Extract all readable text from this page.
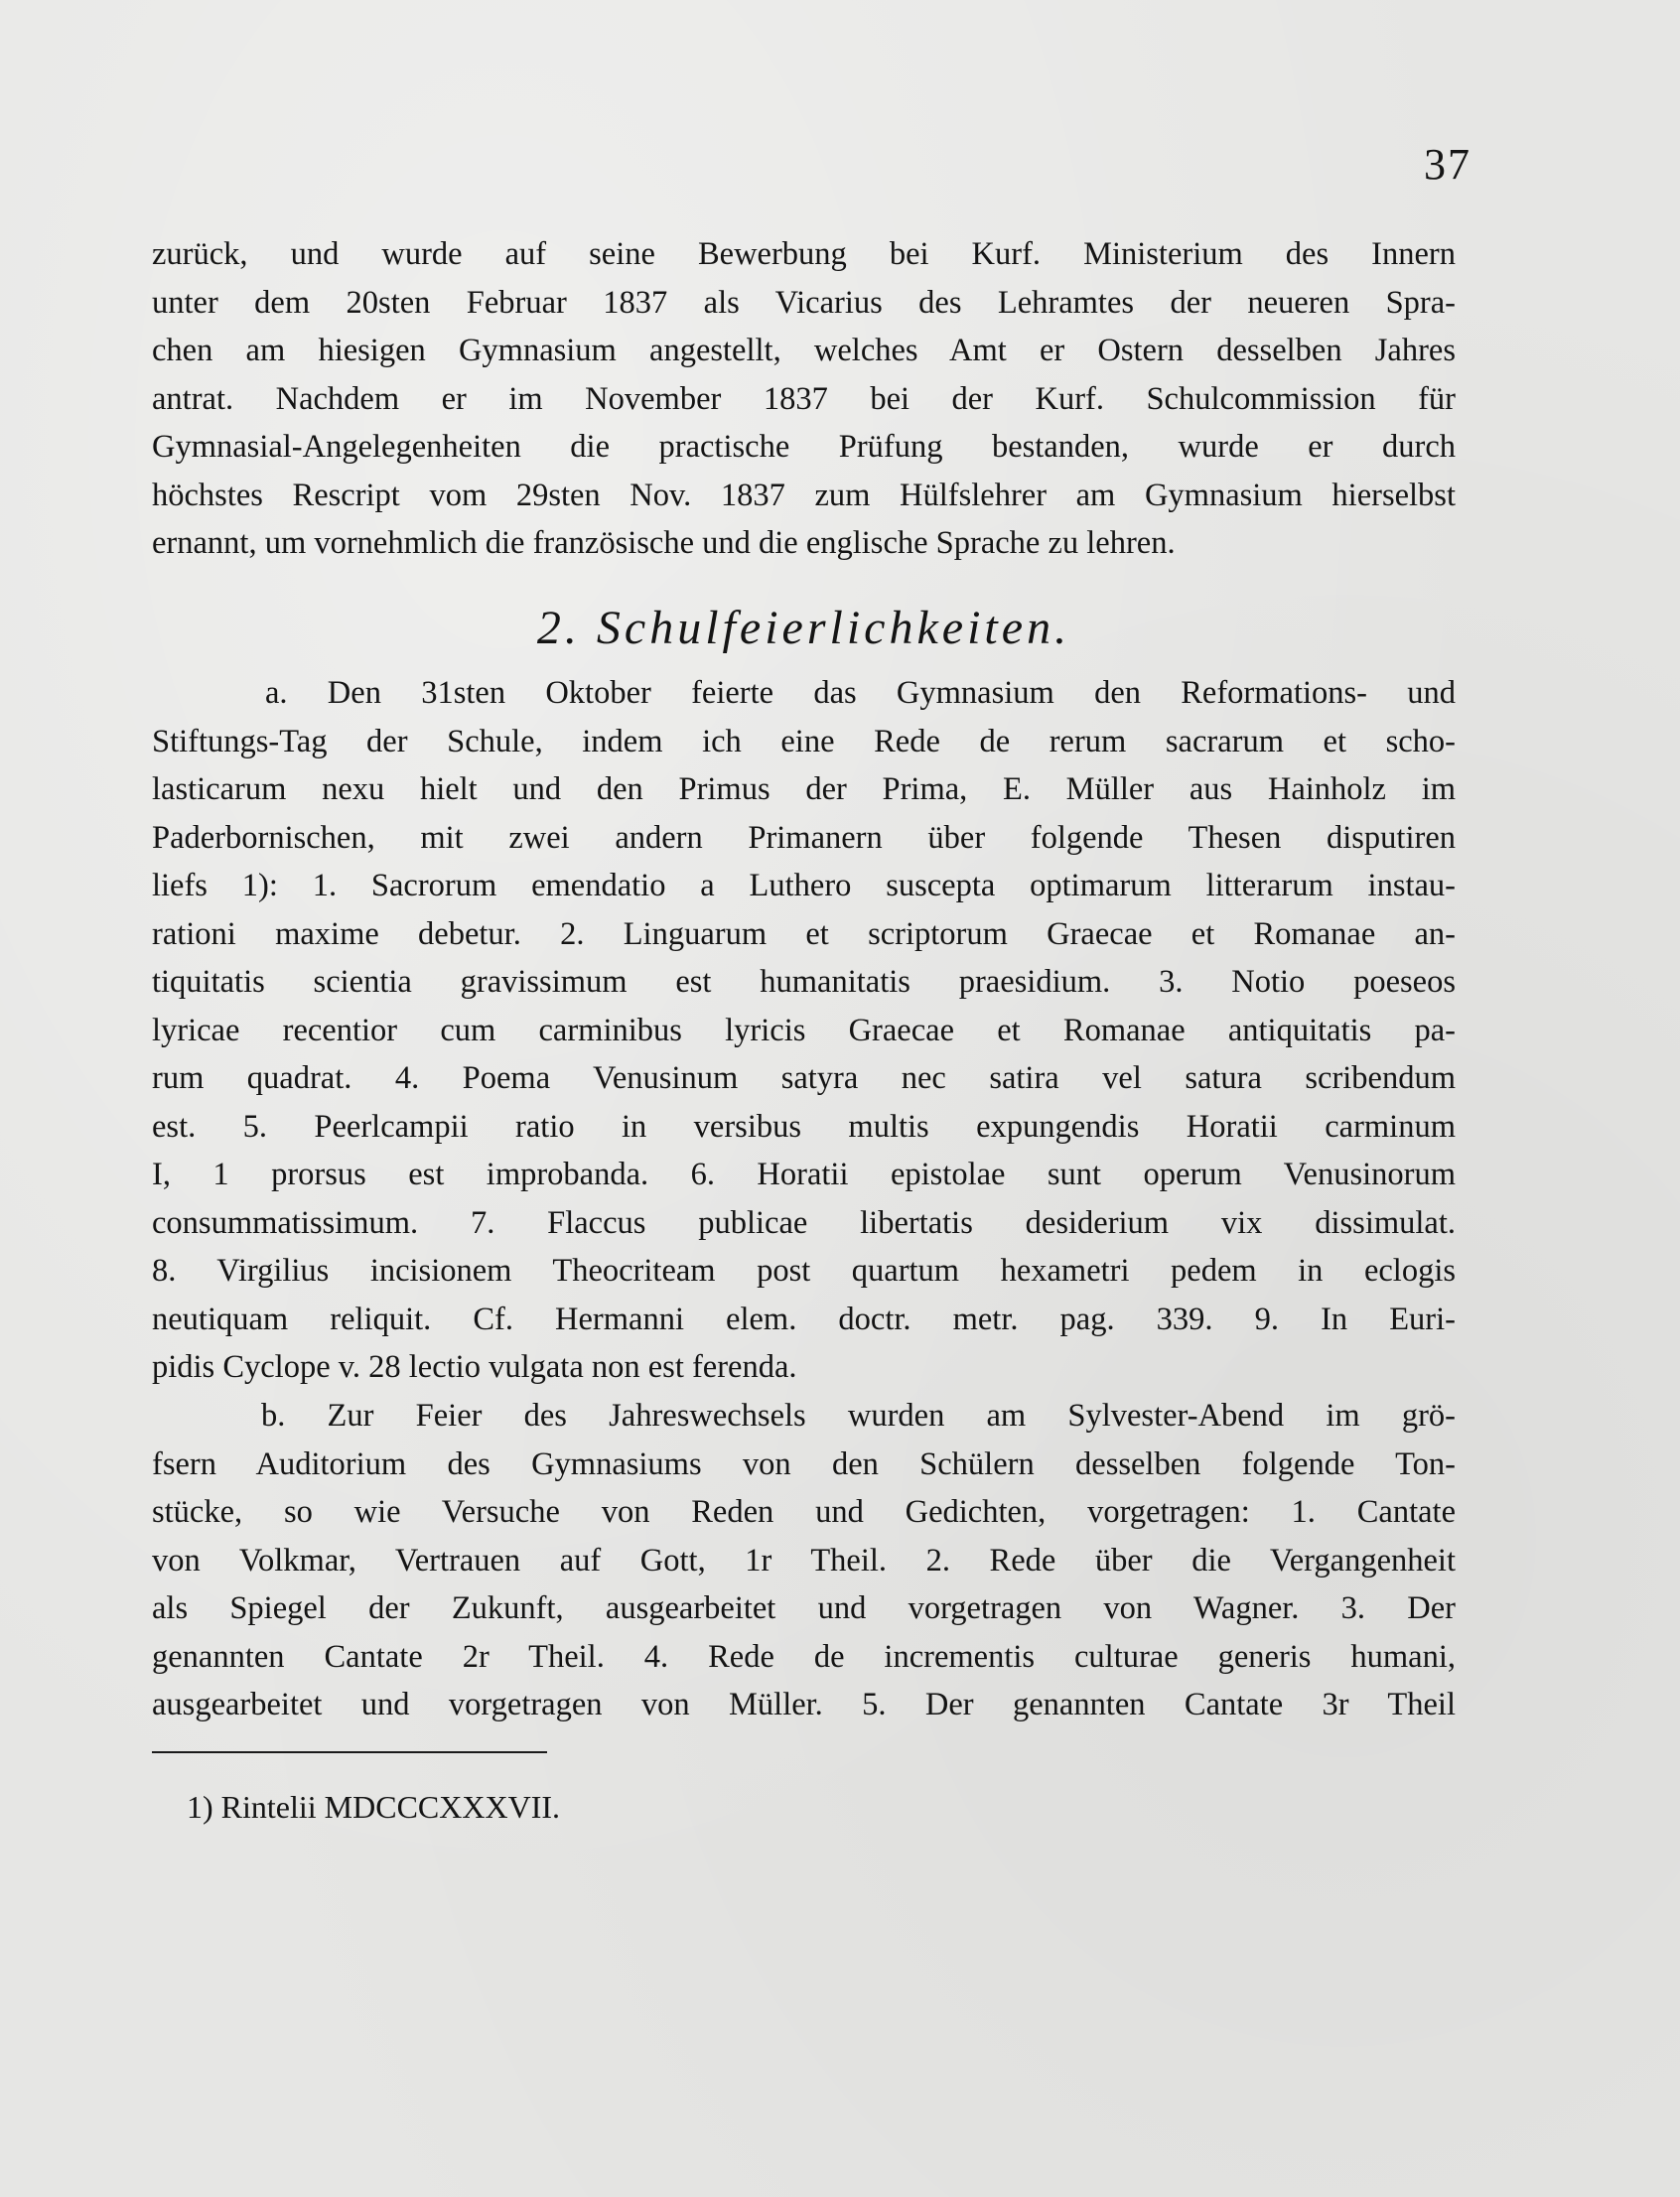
37
zurück, und wurde auf seine Bewerbung bei Kurf. Ministerium des Innern
unter dem 20sten Februar 1837 als Vicarius des Lehramtes der neueren Spra-
chen am hiesigen Gymnasium angestellt, welches Amt er Ostern desselben Jahres
antrat. Nachdem er im November 1837 bei der Kurf. Schulcommission für
Gymnasial-Angelegenheiten die practische Prüfung bestanden, wurde er durch
höchstes Rescript vom 29sten Nov. 1837 zum Hülfslehrer am Gymnasium hierselbst
ernannt, um vornehmlich die französische und die englische Sprache zu lehren.
2. Schulfeierlichkeiten.
a. Den 31sten Oktober feierte das Gymnasium den Reformations- und
Stiftungs-Tag der Schule, indem ich eine Rede de rerum sacrarum et scho-
lasticarum nexu hielt und den Primus der Prima, E. Müller aus Hainholz im
Paderbornischen, mit zwei andern Primanern über folgende Thesen disputiren
liefs 1): 1. Sacrorum emendatio a Luthero suscepta optimarum litterarum instau-
rationi maxime debetur. 2. Linguarum et scriptorum Graecae et Romanae an-
tiquitatis scientia gravissimum est humanitatis praesidium. 3. Notio poeseos
lyricae recentior cum carminibus lyricis Graecae et Romanae antiquitatis pa-
rum quadrat. 4. Poema Venusinum satyra nec satira vel satura scribendum
est. 5. Peerlcampii ratio in versibus multis expungendis Horatii carminum
I, 1 prorsus est improbanda. 6. Horatii epistolae sunt operum Venusinorum
consummatissimum. 7. Flaccus publicae libertatis desiderium vix dissimulat.
8. Virgilius incisionem Theocriteam post quartum hexametri pedem in eclogis
neutiquam reliquit. Cf. Hermanni elem. doctr. metr. pag. 339. 9. In Euri-
pidis Cyclope v. 28 lectio vulgata non est ferenda.
b. Zur Feier des Jahreswechsels wurden am Sylvester-Abend im grö-
fsern Auditorium des Gymnasiums von den Schülern desselben folgende Ton-
stücke, so wie Versuche von Reden und Gedichten, vorgetragen: 1. Cantate
von Volkmar, Vertrauen auf Gott, 1r Theil. 2. Rede über die Vergangenheit
als Spiegel der Zukunft, ausgearbeitet und vorgetragen von Wagner. 3. Der
genannten Cantate 2r Theil. 4. Rede de incrementis culturae generis humani,
ausgearbeitet und vorgetragen von Müller. 5. Der genannten Cantate 3r Theil
1) Rintelii MDCCCXXXVII.
